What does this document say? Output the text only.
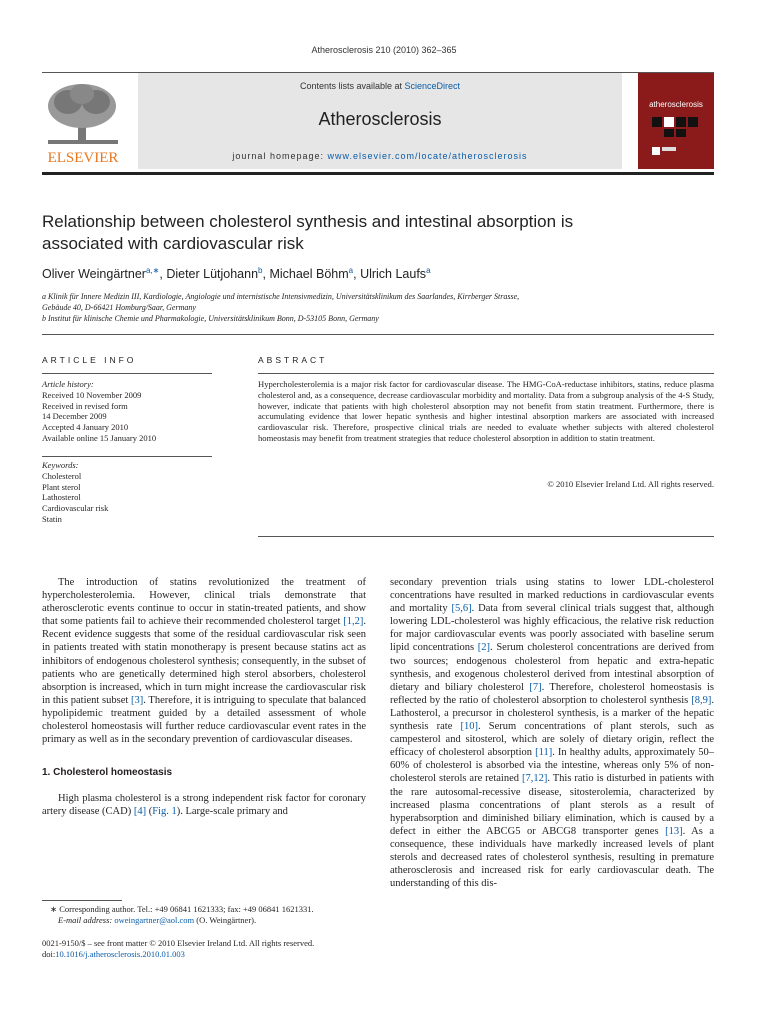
Atherosclerosis 210 (2010) 362–365
ELSEVIER
Contents lists available at ScienceDirect
Atherosclerosis
journal homepage: www.elsevier.com/locate/atherosclerosis
atherosclerosis
Relationship between cholesterol synthesis and intestinal absorption is
associated with cardiovascular risk
Oliver Weingärtner$^{a,∗}$, Dieter Lütjohann$^b$, Michael Böhm$^a$, Ulrich Laufs$^a$
a Klinik für Innere Medizin III, Kardiologie, Angiologie und internistische Intensivmedizin, Universitätsklinikum des Saarlandes, Kirrberger Strasse,
Gebäude 40, D-66421 Homburg/Saar, Germany
b Institut für klinische Chemie und Pharmakologie, Universitätsklinikum Bonn, D-53105 Bonn, Germany
ARTICLE INFO
Article history:
Received 10 November 2009
Received in revised form
14 December 2009
Accepted 4 January 2010
Available online 15 January 2010
Keywords:
Cholesterol
Plant sterol
Lathosterol
Cardiovascular risk
Statin
ABSTRACT
Hypercholesterolemia is a major risk factor for cardiovascular disease. The HMG-CoA-reductase inhibitors, statins, reduce plasma cholesterol and, as a consequence, decrease cardiovascular morbidity and mortality. Data from a subgroup analysis of the 4-S Study, however, indicate that patients with high cholesterol absorption may not benefit from statin treatment. Furthermore, there is accumulating evidence that lower hepatic synthesis and higher intestinal absorption markers are associated with increased cardiovascular risk. Therefore, prospective clinical trials are needed to evaluate whether subjects with altered cholesterol homeostasis may benefit from treatment strategies that reduce cholesterol absorption in addition to statin treatment.
© 2010 Elsevier Ireland Ltd. All rights reserved.

The introduction of statins revolutionized the treatment of hypercholesterolemia. However, clinical trials demonstrate that atherosclerotic events continue to occur in statin-treated patients, and show that some patients fail to achieve their recommended cholesterol target [1,2]. Recent evidence suggests that some of the residual cardiovascular risk seen in patients treated with statin monotherapy is present because statins act as inhibitors of endogenous cholesterol synthesis; consequently, in the subset of patients who are genetically determined high sterol absorbers, cholesterol absorption is increased, which in turn might increase the cardiovascular risk in this patient subset [3]. Therefore, it is intriguing to speculate that balanced hypolipidemic treatment guided by a detailed assessment of whole cholesterol homeostasis will further reduce cardiovascular event rates in the primary as well as in the secondary prevention of cardiovascular diseases.

1. Cholesterol homeostasis

High plasma cholesterol is a strong independent risk factor for coronary artery disease (CAD) [4] (Fig. 1). Large-scale primary and

secondary prevention trials using statins to lower LDL-cholesterol concentrations have resulted in marked reductions in cardiovascular events and mortality [5,6]. Data from several clinical trials suggest that, although lowering LDL-cholesterol was highly efficacious, the relative risk reduction for major cardiovascular events was poorly associated with baseline serum lipid concentrations [2]. Serum cholesterol concentrations are derived from two sources; endogenous cholesterol from hepatic and extra-hepatic synthesis, and exogenous cholesterol derived from intestinal absorption of dietary and biliary cholesterol [7]. Therefore, cholesterol homeostasis is reflected by the ratio of cholesterol absorption to cholesterol synthesis [8,9]. Lathosterol, a precursor in cholesterol synthesis, is a marker of the hepatic synthesis rate [10]. Serum concentrations of plant sterols, such as campesterol and sitosterol, which are solely of dietary origin, reflect the efficacy of cholesterol absorption [11]. In healthy adults, approximately 50–60% of cholesterol is absorbed via the intestine, whereas only 5% of non-cholesterol sterols are retained [7,12]. This ratio is disturbed in patients with the rare autosomal-recessive disease, sitosterolemia, characterized by increased plasma concentrations of plant sterols as a result of hyperabsorption and diminished biliary elimination, which is caused by a defect in either the ABCG5 or ABCG8 transporter genes [13]. As a consequence, these individuals have markedly increased levels of plant sterols and decreased rates of cholesterol synthesis, resulting in premature atherosclerosis and increased risk for early cardiovascular death. The understanding of this dis-

∗ Corresponding author. Tel.: +49 06841 1621333; fax: +49 06841 1621331.
E-mail address: oweingartner@aol.com (O. Weingärtner).
0021-9150/$ – see front matter © 2010 Elsevier Ireland Ltd. All rights reserved.
doi:10.1016/j.atherosclerosis.2010.01.003
